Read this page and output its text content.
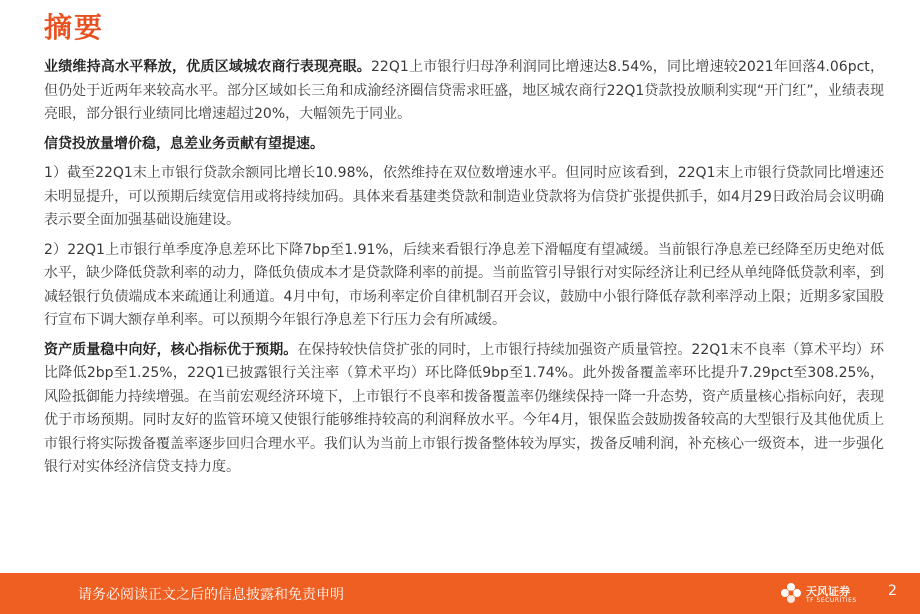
摘要

业绩维持高水平释放，优质区域城农商行表现亮眼。22Q1上市银行归母净利润同比增速达8.54%，同比增速较2021年回落4.06pct，但仍处于近两年来较高水平。部分区域如长三角和成渝经济圈信贷需求旺盛，地区城农商行22Q1贷款投放顺利实现“开门红”，业绩表现亮眼，部分银行业绩同比增速超过20%，大幅领先于同业。

信贷投放量增价稳，息差业务贡献有望提速。

1）截至22Q1末上市银行贷款余额同比增长10.98%，依然维持在双位数增速水平。但同时应该看到，22Q1末上市银行贷款同比增速还未明显提升，可以预期后续宽信用或将持续加码。具体来看基建类贷款和制造业贷款将为信贷扩张提供抓手，如4月29日政治局会议明确表示要全面加强基础设施建设。

2）22Q1上市银行单季度净息差环比下降7bp至1.91%，后续来看银行净息差下滑幅度有望减缓。当前银行净息差已经降至历史绝对低水平，缺少降低贷款利率的动力，降低负债成本才是贷款降利率的前提。当前监管引导银行对实际经济让利已经从单纯降低贷款利率，到减轻银行负债端成本来疏通让利通道。4月中旬，市场利率定价自律机制召开会议，鼓励中小银行降低存款利率浮动上限；近期多家国股行宣布下调大额存单利率。可以预期今年银行净息差下行压力会有所减缓。

资产质量稳中向好，核心指标优于预期。在保持较快信贷扩张的同时，上市银行持续加强资产质量管控。22Q1末不良率（算术平均）环比降低2bp至1.25%，22Q1已披露银行关注率（算术平均）环比降低9bp至1.74%。此外拨备覆盖率环比提升7.29pct至308.25%，风险抵御能力持续增强。在当前宏观经济环境下，上市银行不良率和拨备覆盖率仍继续保持一降一升态势，资产质量核心指标向好，表现优于市场预期。同时友好的监管环境又使银行能够维持较高的利润释放水平。今年4月，银保监会鼓励拨备较高的大型银行及其他优质上市银行将实际拨备覆盖率逐步回归合理水平。我们认为当前上市银行拨备整体较为厚实，拨备反哺利润，补充核心一级资本，进一步强化银行对实体经济信贷支持力度。

请务必阅读正文之后的信息披露和免责申明	天风证券
TF SECURITIES
2
